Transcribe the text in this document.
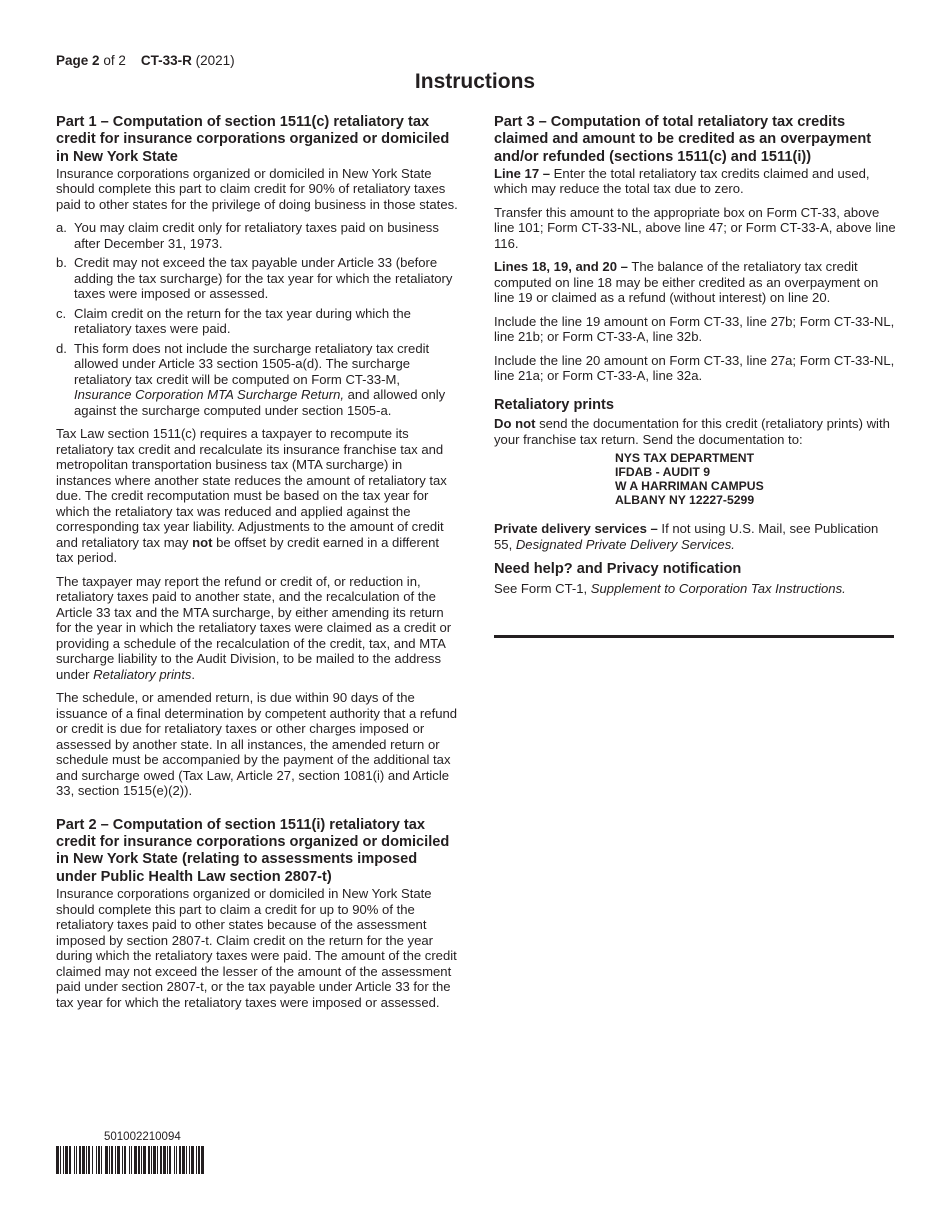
Page 2 of 2 CT-33-R (2021)
Instructions
Part 1 – Computation of section 1511(c) retaliatory tax credit for insurance corporations organized or domiciled in New York State

Insurance corporations organized or domiciled in New York State should complete this part to claim credit for 90% of retaliatory taxes paid to other states for the privilege of doing business in those states.

a. You may claim credit only for retaliatory taxes paid on business after December 31, 1973.
b. Credit may not exceed the tax payable under Article 33 (before adding the tax surcharge) for the tax year for which the retaliatory taxes were imposed or assessed.
c. Claim credit on the return for the tax year during which the retaliatory taxes were paid.
d. This form does not include the surcharge retaliatory tax credit allowed under Article 33 section 1505-a(d). The surcharge retaliatory tax credit will be computed on Form CT-33-M, Insurance Corporation MTA Surcharge Return, and allowed only against the surcharge computed under section 1505-a.

Tax Law section 1511(c) requires a taxpayer to recompute its retaliatory tax credit and recalculate its insurance franchise tax and metropolitan transportation business tax (MTA surcharge) in instances where another state reduces the amount of retaliatory tax due. The credit recomputation must be based on the tax year for which the retaliatory tax was reduced and applied against the corresponding tax year liability. Adjustments to the amount of credit and retaliatory tax may not be offset by credit earned in a different tax period.

The taxpayer may report the refund or credit of, or reduction in, retaliatory taxes paid to another state, and the recalculation of the Article 33 tax and the MTA surcharge, by either amending its return for the year in which the retaliatory taxes were claimed as a credit or providing a schedule of the recalculation of the credit, tax, and MTA surcharge liability to the Audit Division, to be mailed to the address under Retaliatory prints.

The schedule, or amended return, is due within 90 days of the issuance of a final determination by competent authority that a refund or credit is due for retaliatory taxes or other charges imposed or assessed by another state. In all instances, the amended return or schedule must be accompanied by the payment of the additional tax and surcharge owed (Tax Law, Article 27, section 1081(i) and Article 33, section 1515(e)(2)).

Part 2 – Computation of section 1511(i) retaliatory tax credit for insurance corporations organized or domiciled in New York State (relating to assessments imposed under Public Health Law section 2807-t)

Insurance corporations organized or domiciled in New York State should complete this part to claim a credit for up to 90% of the retaliatory taxes paid to other states because of the assessment imposed by section 2807-t. Claim credit on the return for the year during which the retaliatory taxes were paid. The amount of the credit claimed may not exceed the lesser of the amount of the assessment paid under section 2807-t, or the tax payable under Article 33 for the tax year for which the retaliatory taxes were imposed or assessed.

Part 3 – Computation of total retaliatory tax credits claimed and amount to be credited as an overpayment and/or refunded (sections 1511(c) and 1511(i))

Line 17 – Enter the total retaliatory tax credits claimed and used, which may reduce the total tax due to zero.

Transfer this amount to the appropriate box on Form CT-33, above line 101; Form CT-33-NL, above line 47; or Form CT-33-A, above line 116.

Lines 18, 19, and 20 – The balance of the retaliatory tax credit computed on line 18 may be either credited as an overpayment on line 19 or claimed as a refund (without interest) on line 20.

Include the line 19 amount on Form CT-33, line 27b; Form CT-33-NL, line 21b; or Form CT-33-A, line 32b.

Include the line 20 amount on Form CT-33, line 27a; Form CT-33-NL, line 21a; or Form CT-33-A, line 32a.

Retaliatory prints

Do not send the documentation for this credit (retaliatory prints) with your franchise tax return. Send the documentation to:

NYS TAX DEPARTMENT
IFDAB - AUDIT 9
W A HARRIMAN CAMPUS
ALBANY NY 12227-5299

Private delivery services – If not using U.S. Mail, see Publication 55, Designated Private Delivery Services.

Need help? and Privacy notification

See Form CT-1, Supplement to Corporation Tax Instructions.

501002210094
